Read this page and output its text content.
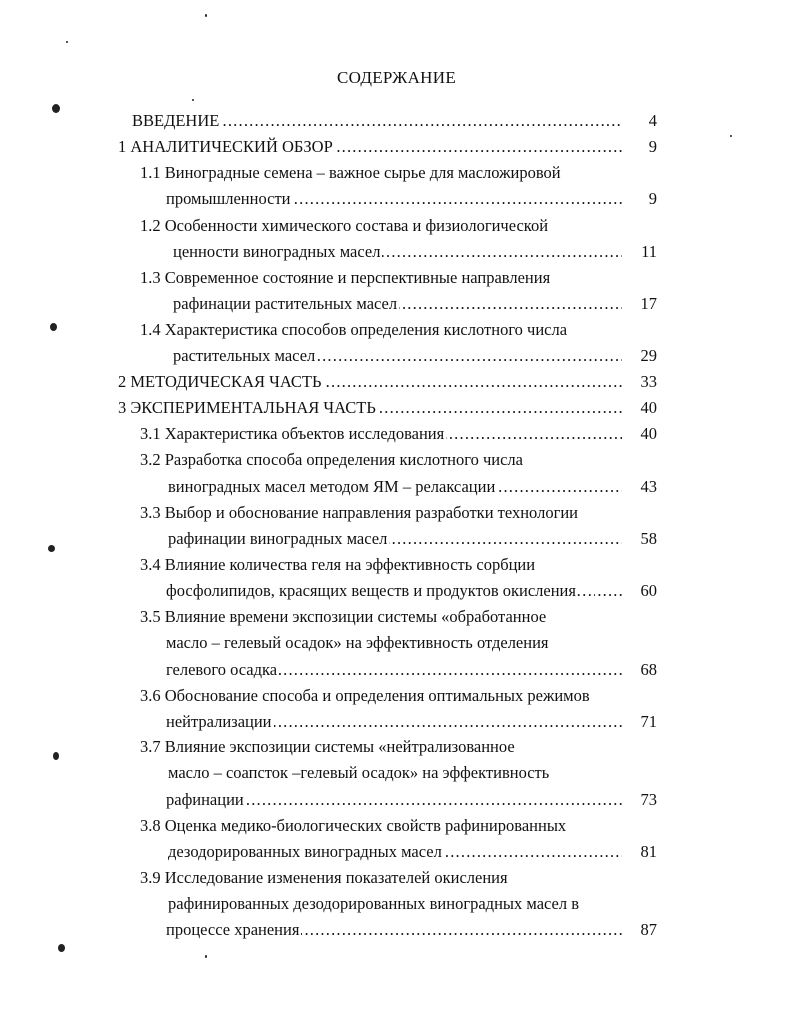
СОДЕРЖАНИЕ
..... ВВЕДЕНИЕ	4
..... 1 АНАЛИТИЧЕСКИЙ ОБЗОР	9
1.1 Виноградные семена – важное сырье для масложировой
..... промышленности	9
1.2 Особенности химического состава и физиологической
..... ценности виноградных масел	11
1.3 Современное состояние и перспективные направления
..... рафинации растительных масел	17
1.4 Характеристика способов определения кислотного числа
..... растительных масел	29
..... 2 МЕТОДИЧЕСКАЯ ЧАСТЬ	33
..... 3 ЭКСПЕРИМЕНТАЛЬНАЯ ЧАСТЬ	40
..... 3.1 Характеристика объектов исследования	40
3.2 Разработка способа определения кислотного числа
..... виноградных масел методом ЯМ – релаксации	43
3.3 Выбор и обоснование направления разработки технологии
..... рафинации виноградных масел	58
3.4 Влияние количества геля на эффективность сорбции
..... фосфолипидов, красящих веществ и продуктов окисления…	60
3.5 Влияние времени экспозиции системы «обработанное
масло – гелевый осадок» на эффективность отделения
..... гелевого осадка	68
3.6 Обоснование способа и определения оптимальных режимов
..... нейтрализации	71
3.7 Влияние экспозиции системы «нейтрализованное
масло – соапсток –гелевый осадок» на эффективность
..... рафинации	73
3.8 Оценка медико-биологических свойств рафинированных
..... дезодорированных виноградных масел	81
3.9 Исследование изменения показателей окисления
рафинированных дезодорированных виноградных масел в
..... процессе хранения	87
